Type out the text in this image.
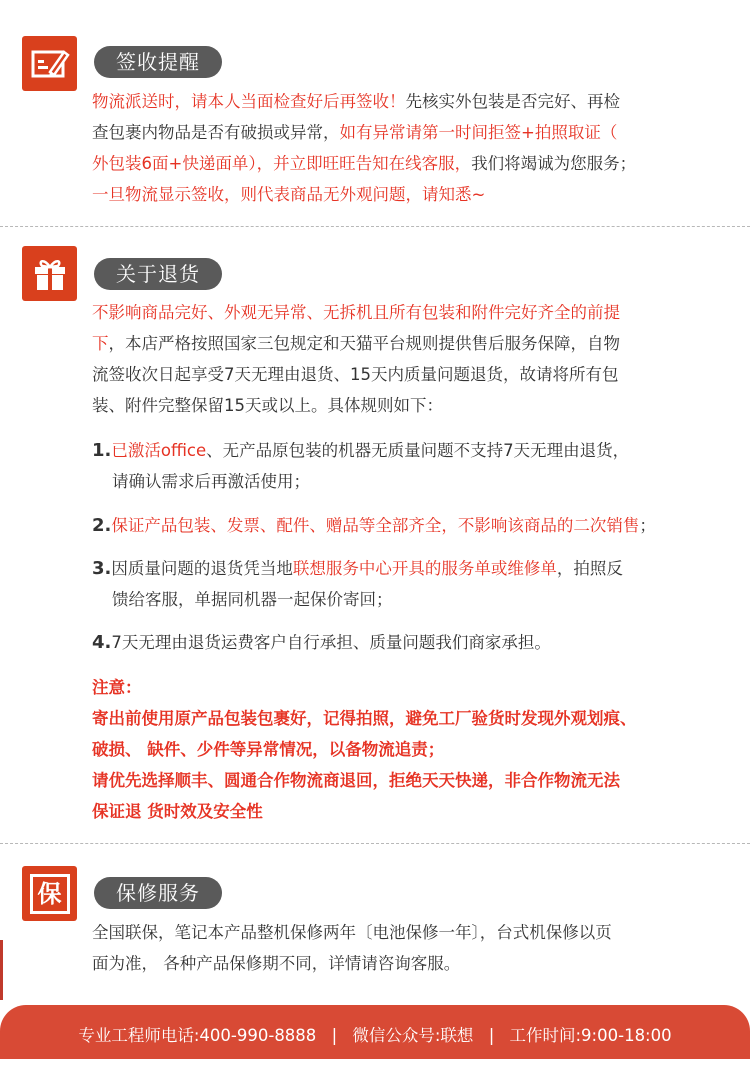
签收提醒
物流派送时，请本人当面检查好后再签收！先核实外包装是否完好、再检
查包裹内物品是否有破损或异常，如有异常请第一时间拒签+拍照取证（
外包装6面+快递面单），并立即旺旺告知在线客服，我们将竭诚为您服务；
一旦物流显示签收，则代表商品无外观问题，请知悉~
关于退货
不影响商品完好、外观无异常、无拆机且所有包装和附件完好齐全的前提
下，本店严格按照国家三包规定和天猫平台规则提供售后服务保障，自物
流签收次日起享受7天无理由退货、15天内质量问题退货，故请将所有包
装、附件完整保留15天或以上。具体规则如下：
1.已激活office、无产品原包装的机器无质量问题不支持7天无理由退货，
请确认需求后再激活使用；
2.保证产品包装、发票、配件、赠品等全部齐全，不影响该商品的二次销售；
3.因质量问题的退货凭当地联想服务中心开具的服务单或维修单，拍照反
馈给客服，单据同机器一起保价寄回；
4.7天无理由退货运费客户自行承担、质量问题我们商家承担。
注意：
寄出前使用原产品包装包裹好，记得拍照，避免工厂验货时发现外观划痕、
破损、 缺件、少件等异常情况，以备物流追责；
请优先选择顺丰、圆通合作物流商退回，拒绝天天快递，非合作物流无法
保证退 货时效及安全性
保	保修服务
全国联保，笔记本产品整机保修两年〔电池保修一年〕，台式机保修以页
面为准， 各种产品保修期不同，详情请咨询客服。
专业工程师电话:400-990-8888 | 微信公众号:联想 | 工作时间:9:00-18:00
